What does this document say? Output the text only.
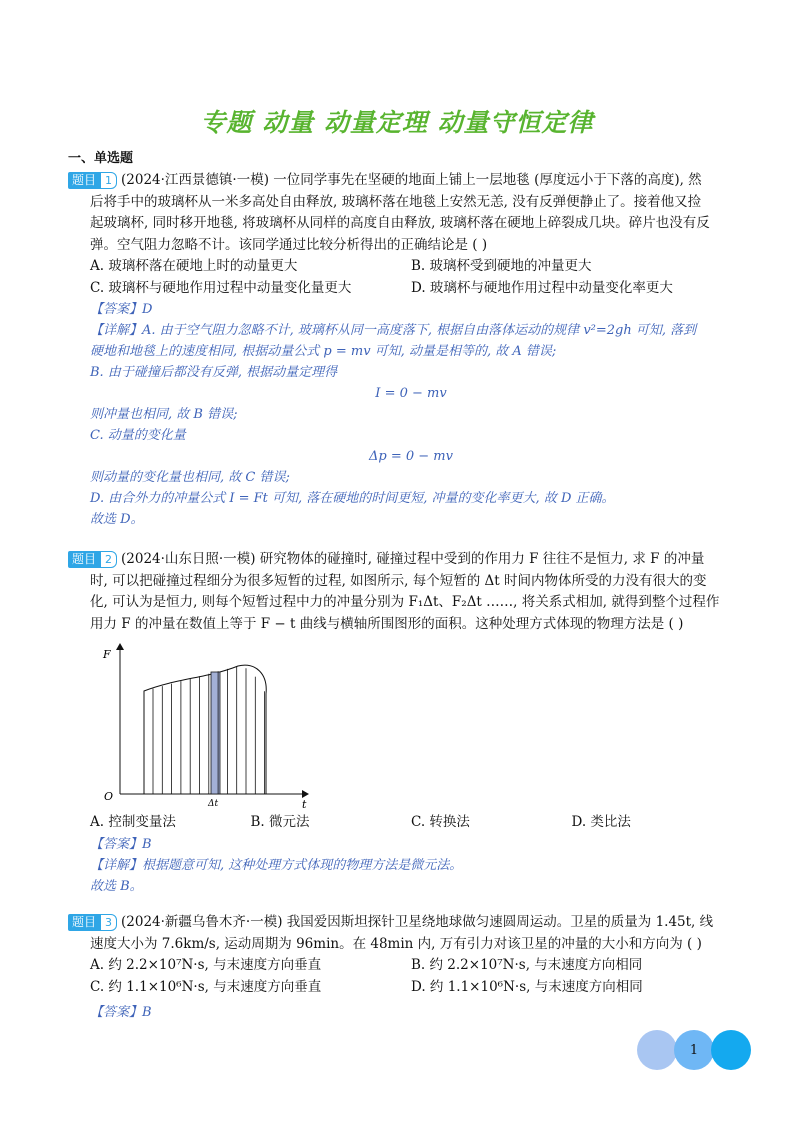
专题 动量 动量定理 动量守恒定律
一、单选题
题目 1 (2024·江西景德镇·一模) 一位同学事先在坚硬的地面上铺上一层地毯 (厚度远小于下落的高度), 然
后将手中的玻璃杯从一米多高处自由释放, 玻璃杯落在地毯上安然无恙, 没有反弹便静止了。接着他又捡
起玻璃杯, 同时移开地毯, 将玻璃杯从同样的高度自由释放, 玻璃杯落在硬地上碎裂成几块。碎片也没有反
弹。空气阻力忽略不计。该同学通过比较分析得出的正确结论是 ( )
A. 玻璃杯落在硬地上时的动量更大	B. 玻璃杯受到硬地的冲量更大
C. 玻璃杯与硬地作用过程中动量变化量更大	D. 玻璃杯与硬地作用过程中动量变化率更大
【答案】D
【详解】A. 由于空气阻力忽略不计, 玻璃杯从同一高度落下, 根据自由落体运动的规律 v²=2gh 可知, 落到
硬地和地毯上的速度相同, 根据动量公式 p = mv 可知, 动量是相等的, 故 A 错误;
B. 由于碰撞后都没有反弹, 根据动量定理得
I = 0 − mv
则冲量也相同, 故 B 错误;
C. 动量的变化量
Δp = 0 − mv
则动量的变化量也相同, 故 C 错误;
D. 由合外力的冲量公式 I = Ft 可知, 落在硬地的时间更短, 冲量的变化率更大, 故 D 正确。
故选 D。
题目 2 (2024·山东日照·一模) 研究物体的碰撞时, 碰撞过程中受到的作用力 F 往往不是恒力, 求 F 的冲量
时, 可以把碰撞过程细分为很多短暂的过程, 如图所示, 每个短暂的 Δt 时间内物体所受的力没有很大的变
化, 可认为是恒力, 则每个短暂过程中力的冲量分别为 F₁Δt、F₂Δt ……, 将关系式相加, 就得到整个过程作
用力 F 的冲量在数值上等于 F − t 曲线与横轴所围图形的面积。这种处理方式体现的物理方法是 ( )
F
t
O
Δt
A. 控制变量法	B. 微元法	C. 转换法	D. 类比法
【答案】B
【详解】根据题意可知, 这种处理方式体现的物理方法是微元法。
故选 B。
题目 3 (2024·新疆乌鲁木齐·一模) 我国爱因斯坦探针卫星绕地球做匀速圆周运动。卫星的质量为 1.45t, 线
速度大小为 7.6km/s, 运动周期为 96min。在 48min 内, 万有引力对该卫星的冲量的大小和方向为 ( )
A. 约 2.2×10⁷N·s, 与末速度方向垂直	B. 约 2.2×10⁷N·s, 与末速度方向相同
C. 约 1.1×10⁶N·s, 与末速度方向垂直	D. 约 1.1×10⁶N·s, 与末速度方向相同
【答案】B
1
